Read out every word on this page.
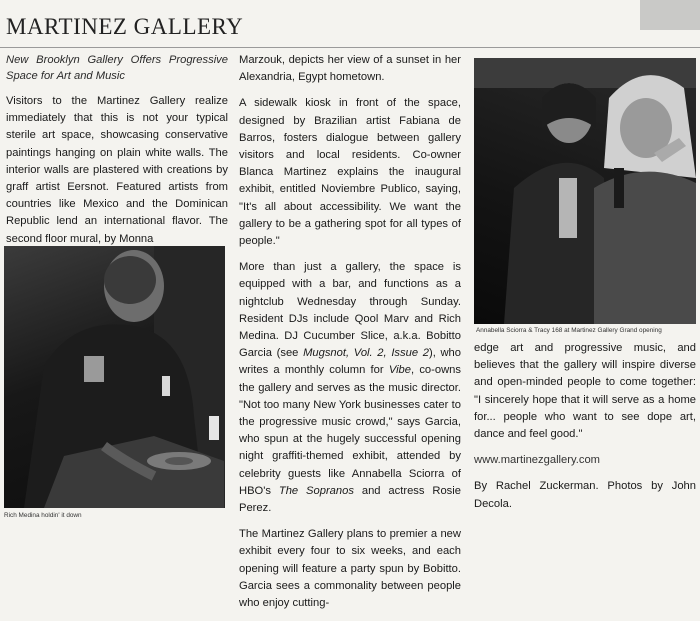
MARTINEZ GALLERY

New Brooklyn Gallery Offers Progressive Space for Art and Music

Visitors to the Martinez Gallery realize immediately that this is not your typical sterile art space, showcasing conservative paintings hanging on plain white walls. The interior walls are plastered with creations by graff artist Eersnot. Featured artists from countries like Mexico and the Dominican Republic lend an international flavor. The second floor mural, by Monna

Rich Medina holdin' it down

Marzouk, depicts her view of a sunset in her Alexandria, Egypt hometown.

A sidewalk kiosk in front of the space, designed by Brazilian artist Fabiana de Barros, fosters dialogue between gallery visitors and local residents. Co-owner Blanca Martinez explains the inaugural exhibit, entitled Noviembre Publico, saying, "It's all about accessibility. We want the gallery to be a gathering spot for all types of people."

More than just a gallery, the space is equipped with a bar, and functions as a nightclub Wednesday through Sunday. Resident DJs include Qool Marv and Rich Medina. DJ Cucumber Slice, a.k.a. Bobitto Garcia (see Mugsnot, Vol. 2, Issue 2), who writes a monthly column for Vibe, co-owns the gallery and serves as the music director. "Not too many New York businesses cater to the progressive music crowd," says Garcia, who spun at the hugely successful opening night graffiti-themed exhibit, attended by celebrity guests like Annabella Sciorra of HBO's The Sopranos and actress Rosie Perez.

The Martinez Gallery plans to premier a new exhibit every four to six weeks, and each opening will feature a party spun by Bobitto. Garcia sees a commonality between people who enjoy cutting-

Annabella Sciorra & Tracy 168 at Martinez Gallery Grand opening

edge art and progressive music, and believes that the gallery will inspire diverse and open-minded people to come together: "I sincerely hope that it will serve as a home for... people who want to see dope art, dance and feel good."

www.martinezgallery.com

By Rachel Zuckerman. Photos by John Decola.
